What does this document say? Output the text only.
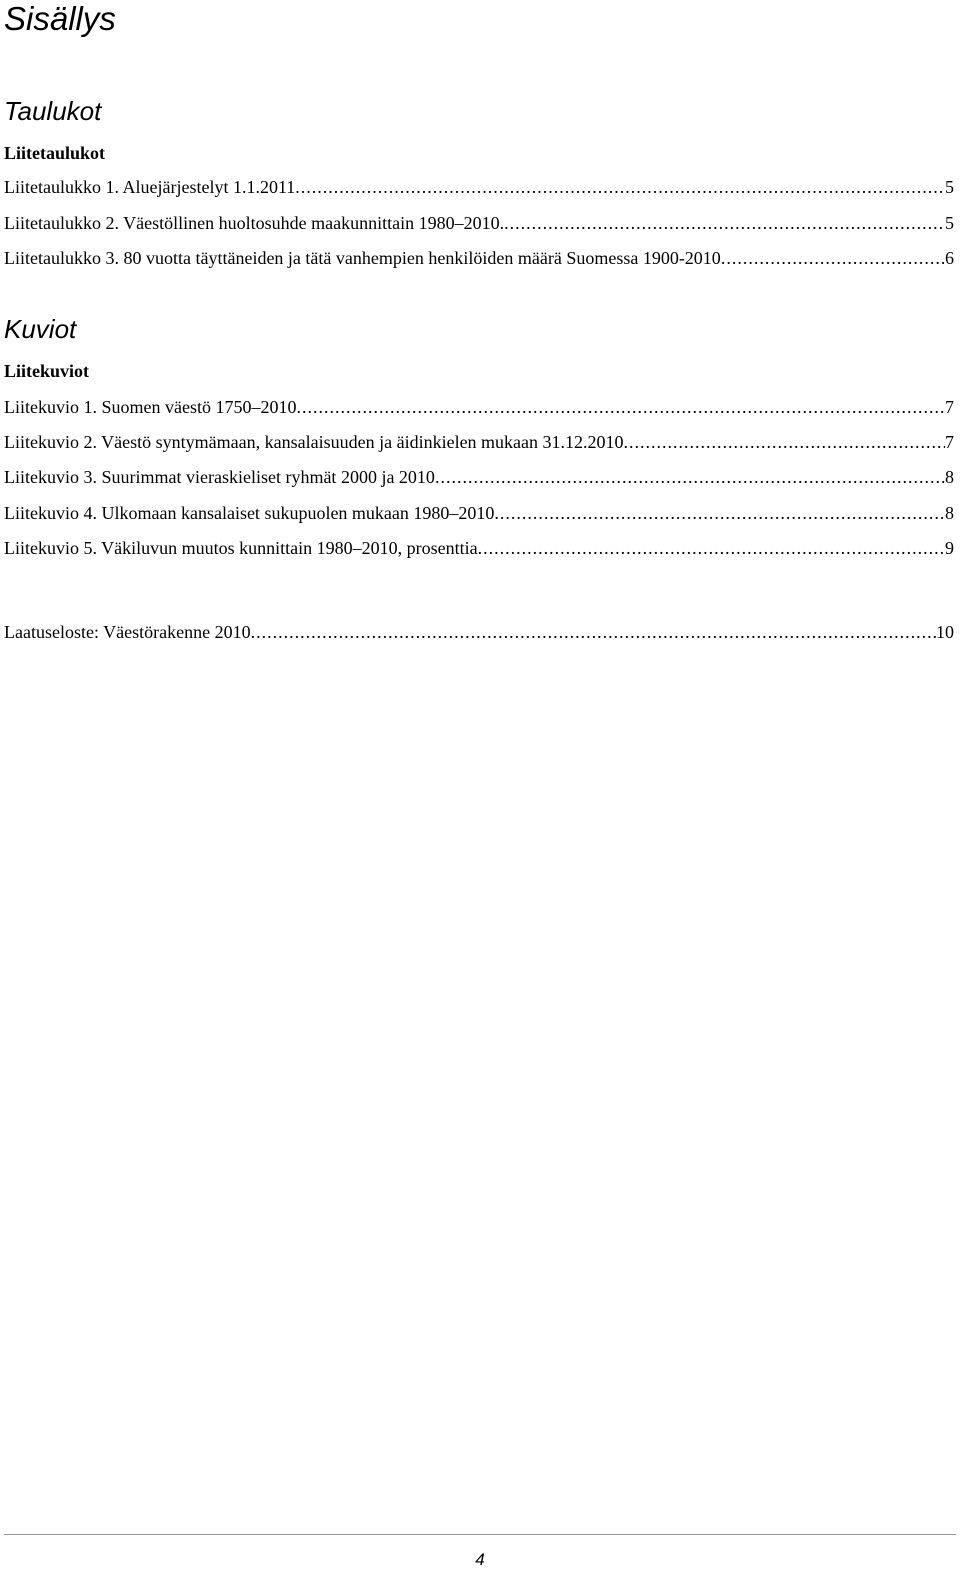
Sisällys
Taulukot
Liitetaulukot
Liitetaulukko 1. Aluejärjestelyt 1.1.2011 .....	5
Liitetaulukko 2. Väestöllinen huoltosuhde maakunnittain 1980–2010. .....	5
Liitetaulukko 3. 80 vuotta täyttäneiden ja tätä vanhempien henkilöiden määrä Suomessa 1900-2010 .....	6
Kuviot
Liitekuviot
Liitekuvio 1. Suomen väestö 1750–2010 .....	7
Liitekuvio 2. Väestö syntymämaan, kansalaisuuden ja äidinkielen mukaan 31.12.2010 .....	7
Liitekuvio 3. Suurimmat vieraskieliset ryhmät 2000 ja 2010 .....	8
Liitekuvio 4. Ulkomaan kansalaiset sukupuolen mukaan 1980–2010 .....	8
Liitekuvio 5. Väkiluvun muutos kunnittain 1980–2010, prosenttia .....	9
Laatuseloste: Väestörakenne 2010 .....	10
4
